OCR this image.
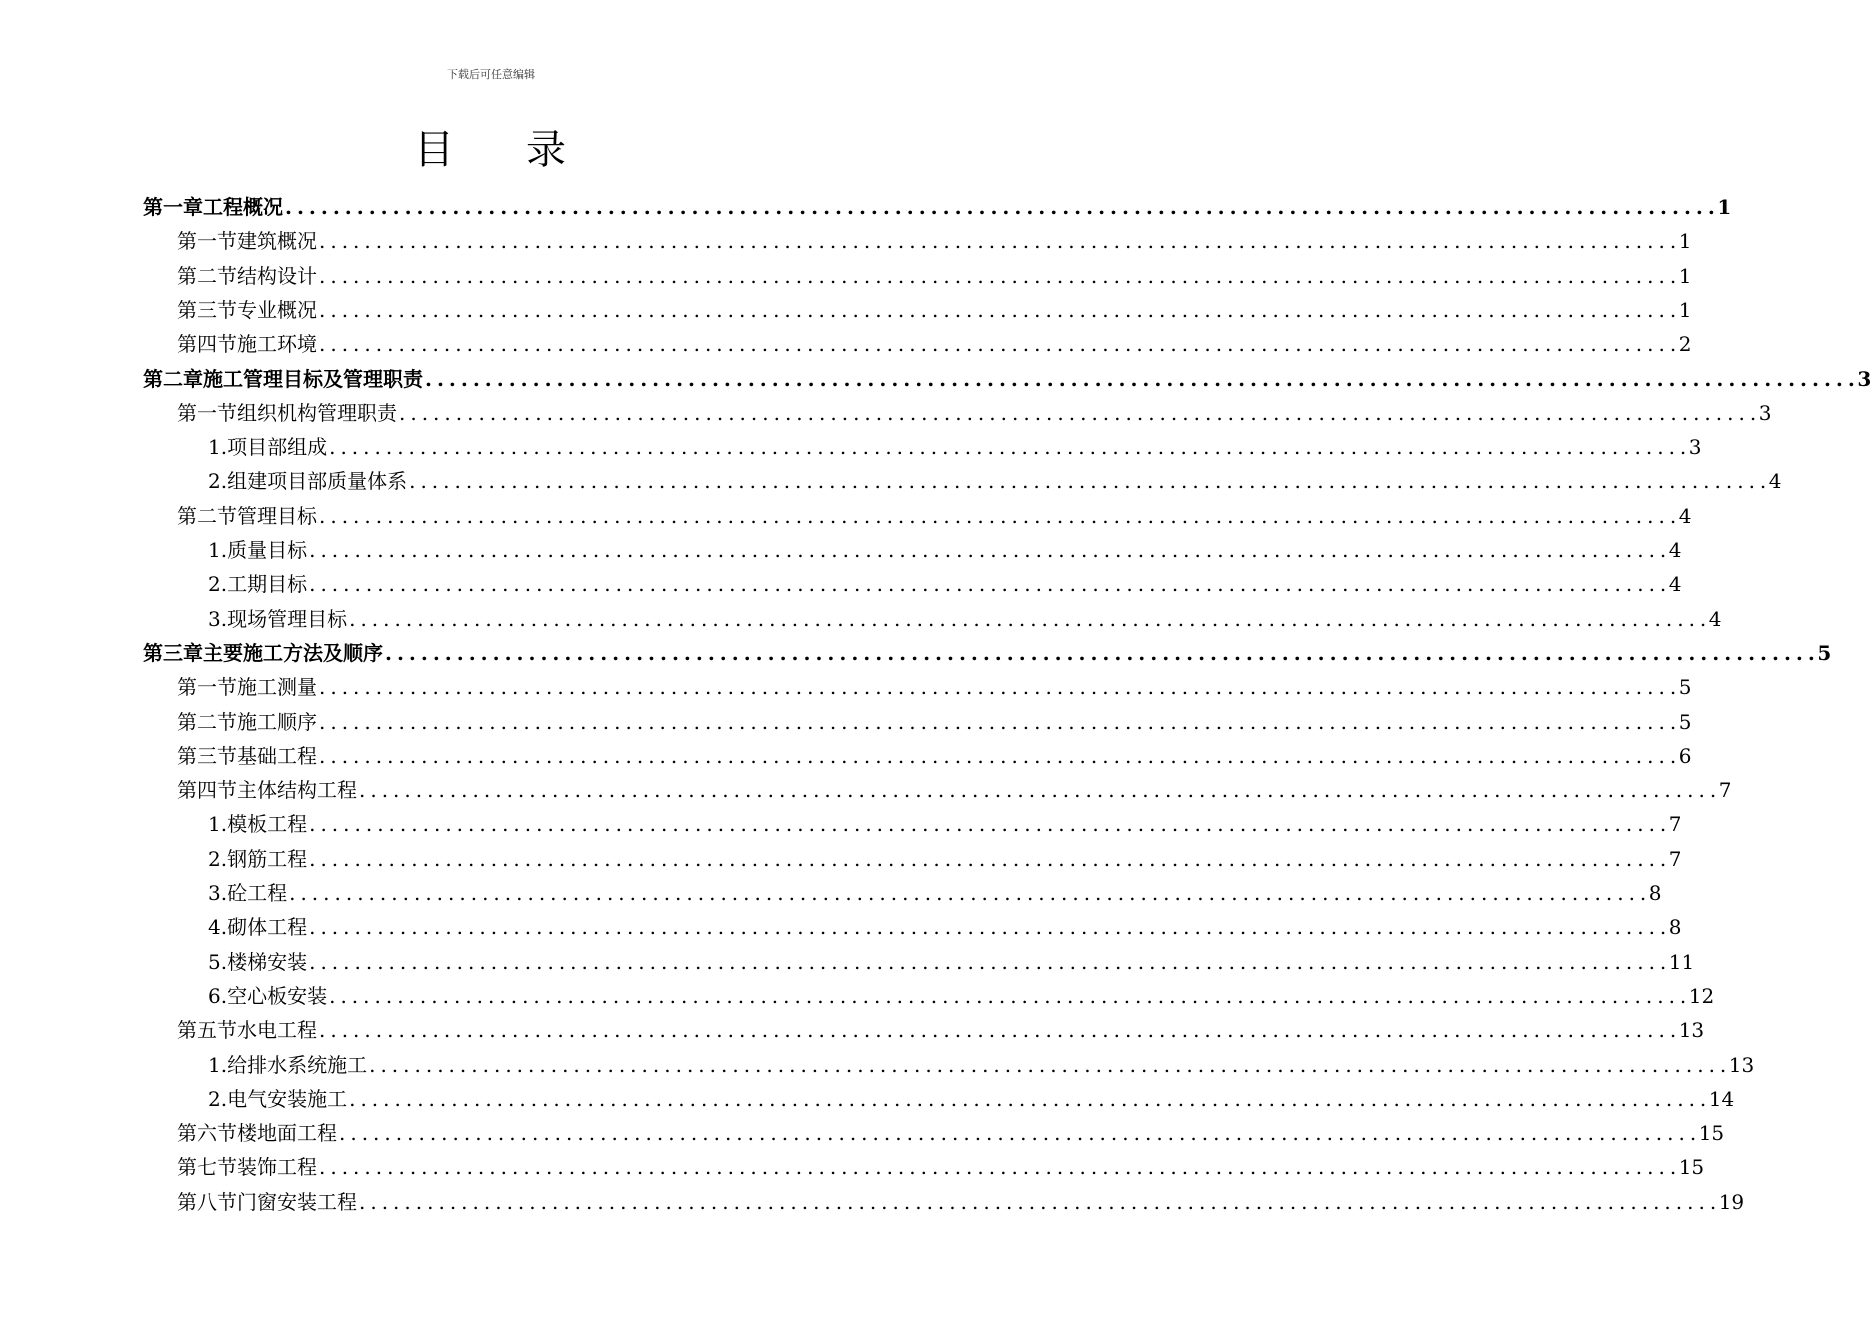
下载后可任意编辑
目 录
第一章 工程概况 . . . . . . . . . . . . . . . . . . . . . . . . . . . . . . . . . . . . . . . . . . . . . . . . . . . . . . . . . . . . . . . . . . . . . . . . . . . . . . . . . . . . . . . . . . . . . . . . . . . . . . . . . . . . . . . . . . . . . . . . 1
第一节 建筑概况 . . . . . . . . . . . . . . . . . . . . . . . . . . . . . . . . . . . . . . . . . . . . . . . . . . . . . . . . . . . . . . . . . . . . . . . . . . . . . . . . . . . . . . . . . . . . . . . . . . . . . . . . . . . . . . . . . . . . . . . . 1
第二节 结构设计 . . . . . . . . . . . . . . . . . . . . . . . . . . . . . . . . . . . . . . . . . . . . . . . . . . . . . . . . . . . . . . . . . . . . . . . . . . . . . . . . . . . . . . . . . . . . . . . . . . . . . . . . . . . . . . . . . . . . . . . . 1
第三节 专业概况 . . . . . . . . . . . . . . . . . . . . . . . . . . . . . . . . . . . . . . . . . . . . . . . . . . . . . . . . . . . . . . . . . . . . . . . . . . . . . . . . . . . . . . . . . . . . . . . . . . . . . . . . . . . . . . . . . . . . . . . . 1
第四节 施工环境 . . . . . . . . . . . . . . . . . . . . . . . . . . . . . . . . . . . . . . . . . . . . . . . . . . . . . . . . . . . . . . . . . . . . . . . . . . . . . . . . . . . . . . . . . . . . . . . . . . . . . . . . . . . . . . . . . . . . . . . . 2
第二章 施工管理目标及管理职责 . . . . . . . . . . . . . . . . . . . . . . . . . . . . . . . . . . . . . . . . . . . . . . . . . . . . . . . . . . . . . . . . . . . . . . . . . . . . . . . . . . . . . . . . . . . . . . . . . . . . . . . . . . . . . . . . . . . . . . . . 3
第一节 组织机构管理职责 . . . . . . . . . . . . . . . . . . . . . . . . . . . . . . . . . . . . . . . . . . . . . . . . . . . . . . . . . . . . . . . . . . . . . . . . . . . . . . . . . . . . . . . . . . . . . . . . . . . . . . . . . . . . . . . . . . . . . . . . 3
1. 项目部组成 . . . . . . . . . . . . . . . . . . . . . . . . . . . . . . . . . . . . . . . . . . . . . . . . . . . . . . . . . . . . . . . . . . . . . . . . . . . . . . . . . . . . . . . . . . . . . . . . . . . . . . . . . . . . . . . . . . . . . . . . 3
2. 组建项目部质量体系 . . . . . . . . . . . . . . . . . . . . . . . . . . . . . . . . . . . . . . . . . . . . . . . . . . . . . . . . . . . . . . . . . . . . . . . . . . . . . . . . . . . . . . . . . . . . . . . . . . . . . . . . . . . . . . . . . . . . . . . . 4
第二节 管理目标 . . . . . . . . . . . . . . . . . . . . . . . . . . . . . . . . . . . . . . . . . . . . . . . . . . . . . . . . . . . . . . . . . . . . . . . . . . . . . . . . . . . . . . . . . . . . . . . . . . . . . . . . . . . . . . . . . . . . . . . . 4
1. 质量目标 . . . . . . . . . . . . . . . . . . . . . . . . . . . . . . . . . . . . . . . . . . . . . . . . . . . . . . . . . . . . . . . . . . . . . . . . . . . . . . . . . . . . . . . . . . . . . . . . . . . . . . . . . . . . . . . . . . . . . . . . 4
2. 工期目标 . . . . . . . . . . . . . . . . . . . . . . . . . . . . . . . . . . . . . . . . . . . . . . . . . . . . . . . . . . . . . . . . . . . . . . . . . . . . . . . . . . . . . . . . . . . . . . . . . . . . . . . . . . . . . . . . . . . . . . . . 4
3. 现场管理目标 . . . . . . . . . . . . . . . . . . . . . . . . . . . . . . . . . . . . . . . . . . . . . . . . . . . . . . . . . . . . . . . . . . . . . . . . . . . . . . . . . . . . . . . . . . . . . . . . . . . . . . . . . . . . . . . . . . . . . . . . 4
第三章 主要施工方法及顺序 . . . . . . . . . . . . . . . . . . . . . . . . . . . . . . . . . . . . . . . . . . . . . . . . . . . . . . . . . . . . . . . . . . . . . . . . . . . . . . . . . . . . . . . . . . . . . . . . . . . . . . . . . . . . . . . . . . . . . . . . 5
第一节 施工测量 . . . . . . . . . . . . . . . . . . . . . . . . . . . . . . . . . . . . . . . . . . . . . . . . . . . . . . . . . . . . . . . . . . . . . . . . . . . . . . . . . . . . . . . . . . . . . . . . . . . . . . . . . . . . . . . . . . . . . . . . 5
第二节 施工顺序 . . . . . . . . . . . . . . . . . . . . . . . . . . . . . . . . . . . . . . . . . . . . . . . . . . . . . . . . . . . . . . . . . . . . . . . . . . . . . . . . . . . . . . . . . . . . . . . . . . . . . . . . . . . . . . . . . . . . . . . . 5
第三节 基础工程 . . . . . . . . . . . . . . . . . . . . . . . . . . . . . . . . . . . . . . . . . . . . . . . . . . . . . . . . . . . . . . . . . . . . . . . . . . . . . . . . . . . . . . . . . . . . . . . . . . . . . . . . . . . . . . . . . . . . . . . . 6
第四节 主体结构工程 . . . . . . . . . . . . . . . . . . . . . . . . . . . . . . . . . . . . . . . . . . . . . . . . . . . . . . . . . . . . . . . . . . . . . . . . . . . . . . . . . . . . . . . . . . . . . . . . . . . . . . . . . . . . . . . . . . . . . . . . 7
1. 模板工程 . . . . . . . . . . . . . . . . . . . . . . . . . . . . . . . . . . . . . . . . . . . . . . . . . . . . . . . . . . . . . . . . . . . . . . . . . . . . . . . . . . . . . . . . . . . . . . . . . . . . . . . . . . . . . . . . . . . . . . . . 7
2. 钢筋工程 . . . . . . . . . . . . . . . . . . . . . . . . . . . . . . . . . . . . . . . . . . . . . . . . . . . . . . . . . . . . . . . . . . . . . . . . . . . . . . . . . . . . . . . . . . . . . . . . . . . . . . . . . . . . . . . . . . . . . . . . 7
3. 砼工程 . . . . . . . . . . . . . . . . . . . . . . . . . . . . . . . . . . . . . . . . . . . . . . . . . . . . . . . . . . . . . . . . . . . . . . . . . . . . . . . . . . . . . . . . . . . . . . . . . . . . . . . . . . . . . . . . . . . . . . . . 8
4. 砌体工程 . . . . . . . . . . . . . . . . . . . . . . . . . . . . . . . . . . . . . . . . . . . . . . . . . . . . . . . . . . . . . . . . . . . . . . . . . . . . . . . . . . . . . . . . . . . . . . . . . . . . . . . . . . . . . . . . . . . . . . . . 8
5. 楼梯安装 . . . . . . . . . . . . . . . . . . . . . . . . . . . . . . . . . . . . . . . . . . . . . . . . . . . . . . . . . . . . . . . . . . . . . . . . . . . . . . . . . . . . . . . . . . . . . . . . . . . . . . . . . . . . . . . . . . . . . . . . 11
6. 空心板安装 . . . . . . . . . . . . . . . . . . . . . . . . . . . . . . . . . . . . . . . . . . . . . . . . . . . . . . . . . . . . . . . . . . . . . . . . . . . . . . . . . . . . . . . . . . . . . . . . . . . . . . . . . . . . . . . . . . . . . . . . 12
第五节 水电工程 . . . . . . . . . . . . . . . . . . . . . . . . . . . . . . . . . . . . . . . . . . . . . . . . . . . . . . . . . . . . . . . . . . . . . . . . . . . . . . . . . . . . . . . . . . . . . . . . . . . . . . . . . . . . . . . . . . . . . . . . 13
1. 给排水系统施工 . . . . . . . . . . . . . . . . . . . . . . . . . . . . . . . . . . . . . . . . . . . . . . . . . . . . . . . . . . . . . . . . . . . . . . . . . . . . . . . . . . . . . . . . . . . . . . . . . . . . . . . . . . . . . . . . . . . . . . . . 13
2. 电气安装施工 . . . . . . . . . . . . . . . . . . . . . . . . . . . . . . . . . . . . . . . . . . . . . . . . . . . . . . . . . . . . . . . . . . . . . . . . . . . . . . . . . . . . . . . . . . . . . . . . . . . . . . . . . . . . . . . . . . . . . . . . 14
第六节 楼地面工程 . . . . . . . . . . . . . . . . . . . . . . . . . . . . . . . . . . . . . . . . . . . . . . . . . . . . . . . . . . . . . . . . . . . . . . . . . . . . . . . . . . . . . . . . . . . . . . . . . . . . . . . . . . . . . . . . . . . . . . . . 15
第七节 装饰工程 . . . . . . . . . . . . . . . . . . . . . . . . . . . . . . . . . . . . . . . . . . . . . . . . . . . . . . . . . . . . . . . . . . . . . . . . . . . . . . . . . . . . . . . . . . . . . . . . . . . . . . . . . . . . . . . . . . . . . . . . 15
第八节 门窗安装工程 . . . . . . . . . . . . . . . . . . . . . . . . . . . . . . . . . . . . . . . . . . . . . . . . . . . . . . . . . . . . . . . . . . . . . . . . . . . . . . . . . . . . . . . . . . . . . . . . . . . . . . . . . . . . . . . . . . . . . . . . 19
